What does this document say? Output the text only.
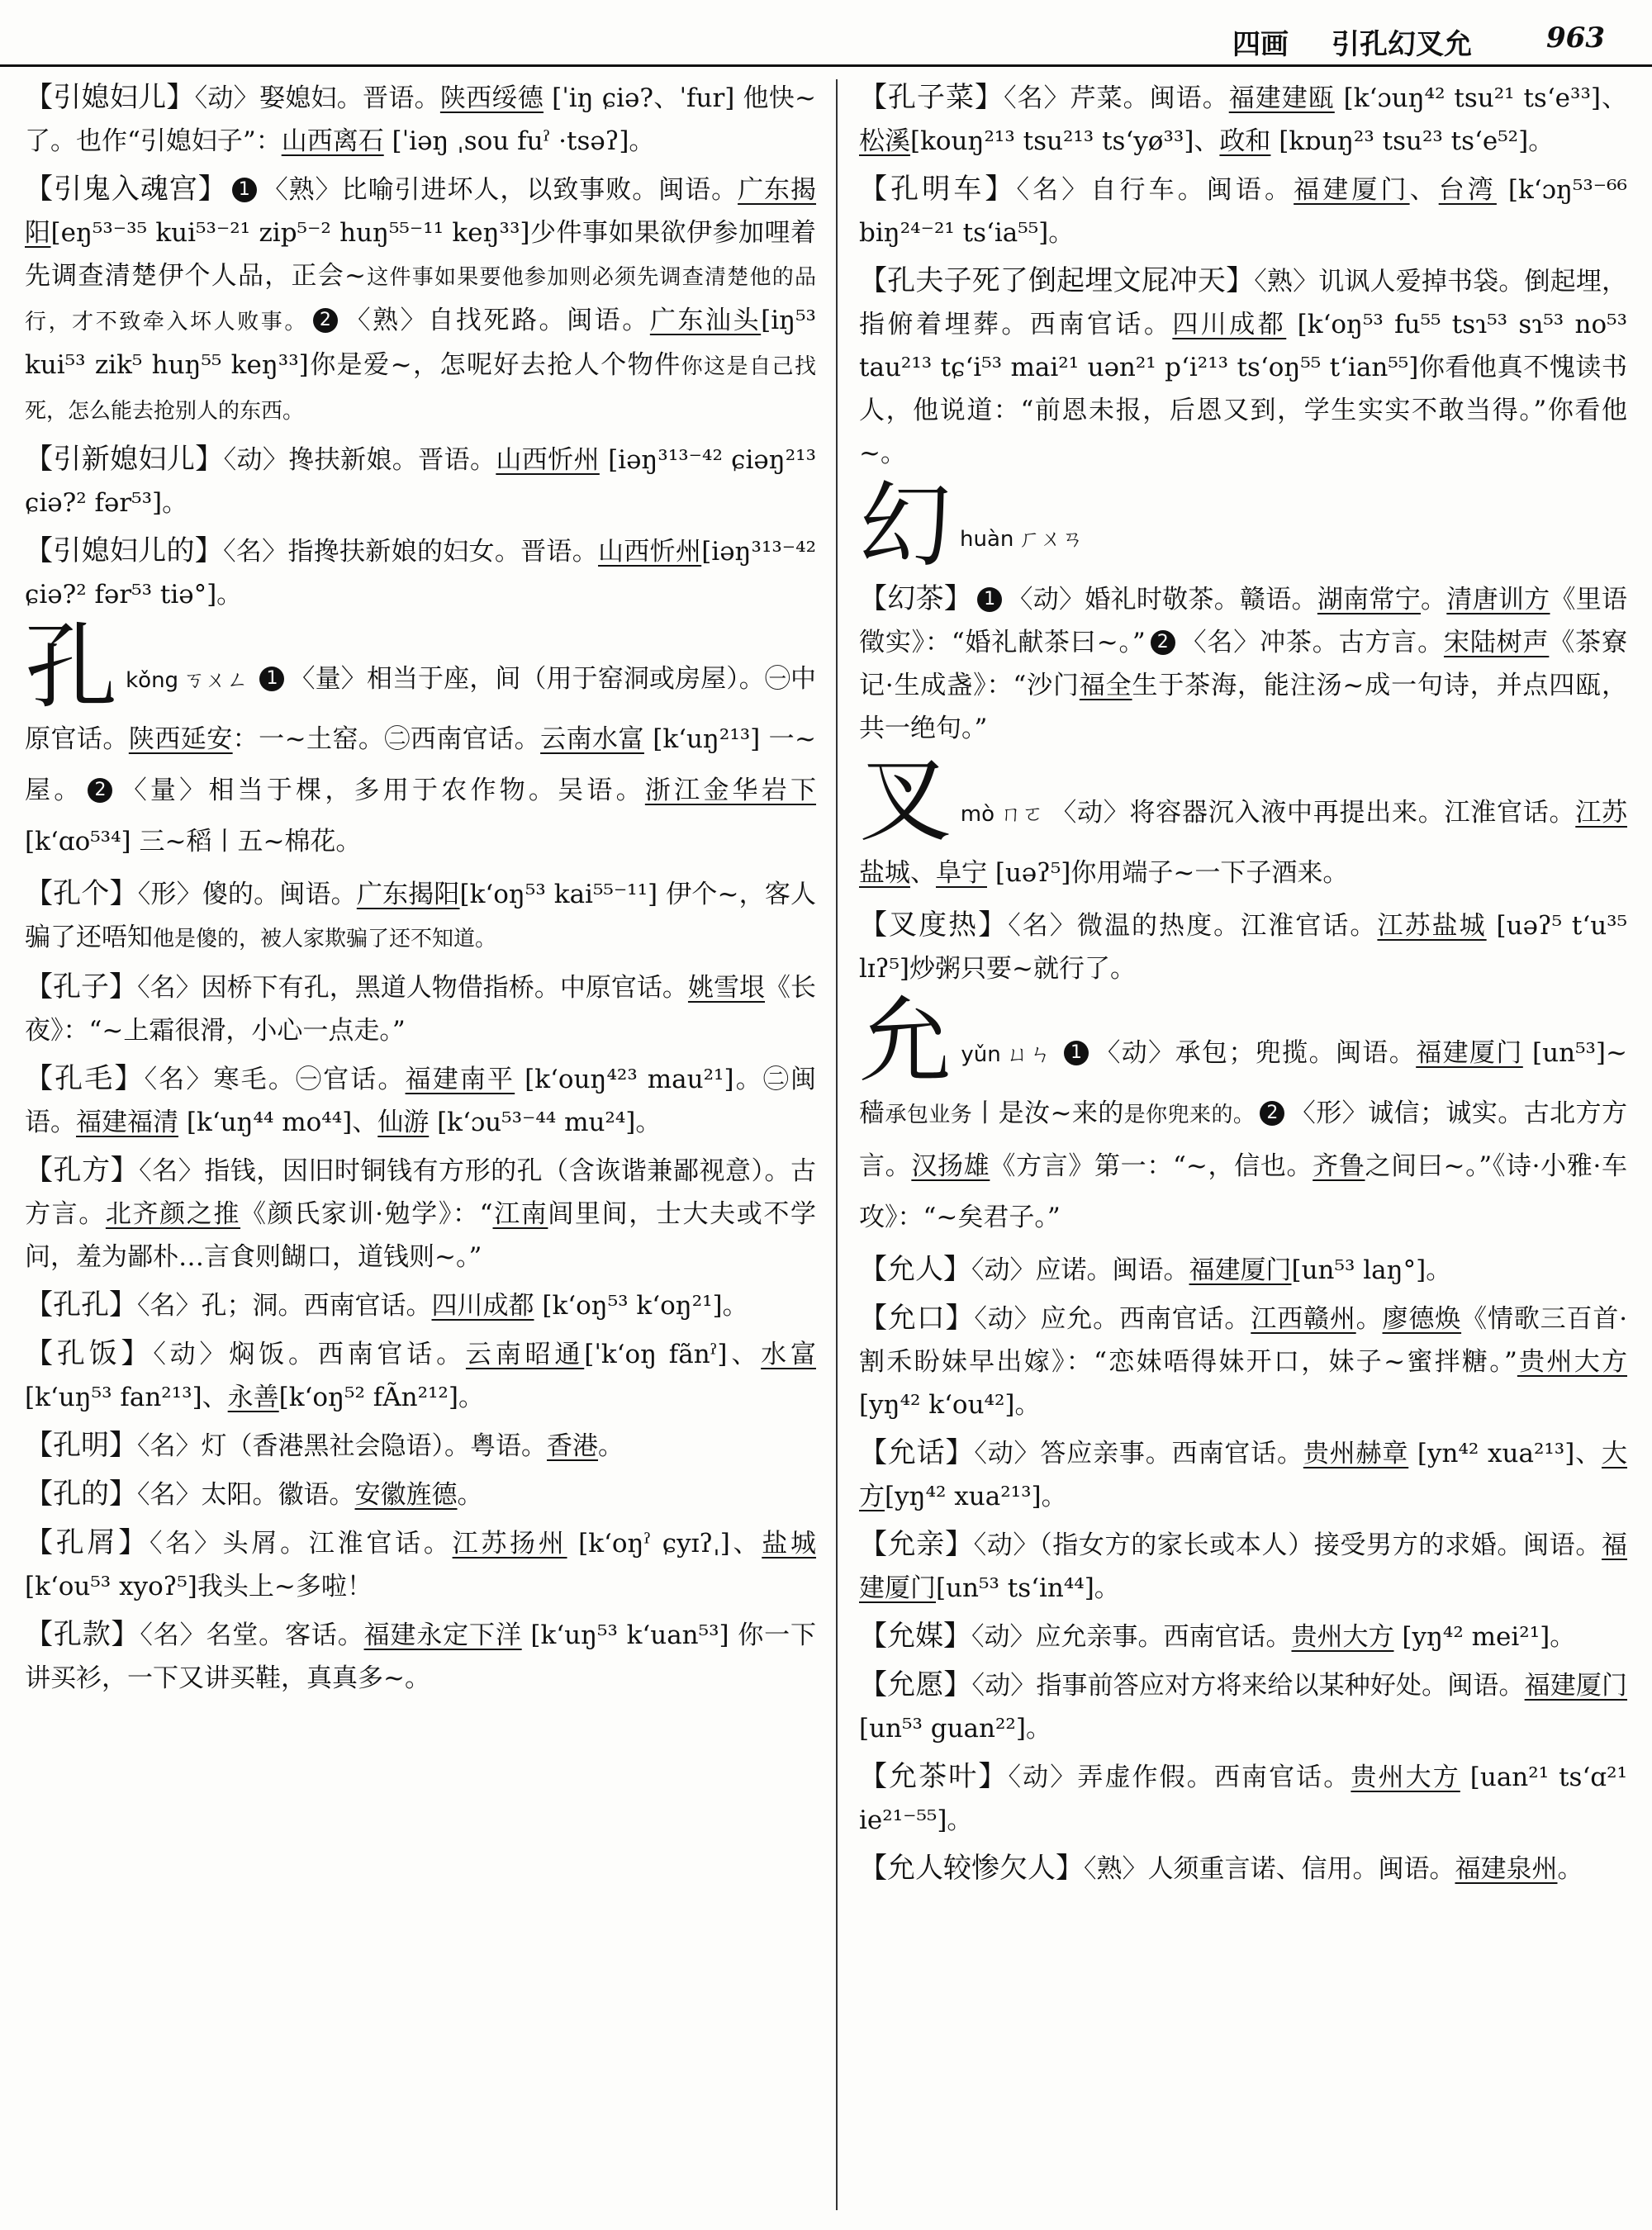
四画 引孔幻叉允	963
【引媳妇儿】〈动〉娶媳妇。晋语。陕西绥德 [ˈiŋ ɕiə?、ˈfur] 他快~了。也作“引媳妇子”：山西离石 [ˈiəŋ ˌsou fuˀ ·tsəʔ]。
【引鬼入魂宫】 1 〈熟〉比喻引进坏人，以致事败。闽语。广东揭阳[eŋ⁵³⁻³⁵ kui⁵³⁻²¹ zip⁵⁻² huŋ⁵⁵⁻¹¹ keŋ³³]少件事如果欲伊参加哩着先调查清楚伊个人品，正会~这件事如果要他参加则必须先调查清楚他的品行，才不致牵入坏人败事。 2 〈熟〉自找死路。闽语。广东汕头[iŋ⁵³ kui⁵³ zik⁵ huŋ⁵⁵ keŋ³³]你是爱~，怎呢好去抢人个物件你这是自己找死，怎么能去抢别人的东西。
【引新媳妇儿】〈动〉搀扶新娘。晋语。山西忻州 [iəŋ³¹³⁻⁴² ɕiəŋ²¹³ ɕiə?² fər⁵³]。
【引媳妇儿的】〈名〉指搀扶新娘的妇女。晋语。山西忻州[iəŋ³¹³⁻⁴² ɕiə?² fər⁵³ tiə°]。
孔kǒng ㄎㄨㄥ 1 〈量〉相当于座，间（用于窑洞或房屋）。㊀中原官话。陕西延安：一~土窑。㊁西南官话。云南水富 [kʻuŋ²¹³] 一~屋。 2 〈量〉相当于棵，多用于农作物。吴语。浙江金华岩下 [kʻɑo⁵³⁴] 三~稻丨五~棉花。
【孔个】〈形〉傻的。闽语。广东揭阳[kʻoŋ⁵³ kai⁵⁵⁻¹¹] 伊个~，客人骗了还唔知他是傻的，被人家欺骗了还不知道。
【孔子】〈名〉因桥下有孔，黑道人物借指桥。中原官话。姚雪垠《长夜》：“~上霜很滑，小心一点走。”
【孔毛】〈名〉寒毛。㊀官话。福建南平 [kʻouŋ⁴²³ mau²¹]。㊁闽语。福建福清 [kʻuŋ⁴⁴ mo⁴⁴]、仙游 [kʻɔu⁵³⁻⁴⁴ mu²⁴]。
【孔方】〈名〉指钱，因旧时铜钱有方形的孔（含诙谐兼鄙视意）。古方言。北齐颜之推《颜氏家训·勉学》：“江南闾里间，士大夫或不学问，羞为鄙朴…言食则餬口，道钱则~。”
【孔孔】〈名〉孔；洞。西南官话。四川成都 [kʻoŋ⁵³ kʻoŋ²¹]。
【孔饭】〈动〉焖饭。西南官话。云南昭通[ˈkʻoŋ fãnˀ]、水富 [kʻuŋ⁵³ fan²¹³]、永善[kʻoŋ⁵² fÃn²¹²]。
【孔明】〈名〉灯（香港黑社会隐语）。粤语。香港。
【孔的】〈名〉太阳。徽语。安徽旌德。
【孔屑】〈名〉头屑。江淮官话。江苏扬州 [kʻoŋˀ ɕyɪʔˌ]、盐城[kʻou⁵³ xyoʔ⁵]我头上~多啦！
【孔款】〈名〉名堂。客话。福建永定下洋 [kʻuŋ⁵³ kʻuan⁵³] 你一下讲买衫，一下又讲买鞋，真真多~。
【孔子菜】〈名〉芹菜。闽语。福建建瓯 [kʻɔuŋ⁴² tsu²¹ tsʻe³³]、松溪[kouŋ²¹³ tsu²¹³ tsʻyø³³]、政和 [kɒuŋ²³ tsu²³ tsʻe⁵²]。
【孔明车】〈名〉自行车。闽语。福建厦门、台湾 [kʻɔŋ⁵³⁻⁶⁶ biŋ²⁴⁻²¹ tsʻia⁵⁵]。
【孔夫子死了倒起埋文屁冲天】〈熟〉讥讽人爱掉书袋。倒起埋，指俯着埋葬。西南官话。四川成都 [kʻoŋ⁵³ fu⁵⁵ tsɿ⁵³ sɿ⁵³ no⁵³ tau²¹³ tɕʻi⁵³ mai²¹ uən²¹ pʻi²¹³ tsʻoŋ⁵⁵ tʻian⁵⁵]你看他真不愧读书人，他说道：“前恩未报，后恩又到，学生实实不敢当得。”你看他~。
幻huàn ㄏㄨㄢ
【幻茶】 1 〈动〉婚礼时敬茶。赣语。湖南常宁。清唐训方《里语徵实》：“婚礼献茶曰~。” 2 〈名〉冲茶。古方言。宋陆树声《茶寮记·生成盏》：“沙门福全生于茶海，能注汤~成一句诗，并点四瓯，共一绝句。”
叉mò ㄇㄛ 〈动〉将容器沉入液中再提出来。江淮官话。江苏盐城、阜宁 [uəʔ⁵]你用端子~一下子酒来。
【叉度热】〈名〉微温的热度。江淮官话。江苏盐城 [uəʔ⁵ tʻu³⁵ lɪʔ⁵]炒粥只要~就行了。
允yǔn ㄩㄣ 1 〈动〉承包；兜揽。闽语。福建厦门 [un⁵³]~穑承包业务丨是汝~来的是你兜来的。 2 〈形〉诚信；诚实。古北方方言。汉扬雄《方言》第一：“~，信也。齐鲁之间曰~。”《诗·小雅·车攻》：“~矣君子。”
【允人】〈动〉应诺。闽语。福建厦门[un⁵³ laŋ°]。
【允口】〈动〉应允。西南官话。江西赣州。廖德焕《情歌三百首·割禾盼妹早出嫁》：“恋妹唔得妹开口，妹子~蜜拌糖。”贵州大方[yŋ⁴² kʻou⁴²]。
【允话】〈动〉答应亲事。西南官话。贵州赫章 [yn⁴² xua²¹³]、大方[yŋ⁴² xua²¹³]。
【允亲】〈动〉（指女方的家长或本人）接受男方的求婚。闽语。福建厦门[un⁵³ tsʻin⁴⁴]。
【允媒】〈动〉应允亲事。西南官话。贵州大方 [yŋ⁴² mei²¹]。
【允愿】〈动〉指事前答应对方将来给以某种好处。闽语。福建厦门[un⁵³ guan²²]。
【允茶叶】〈动〉弄虚作假。西南官话。贵州大方 [uan²¹ tsʻɑ²¹ ie²¹⁻⁵⁵]。
【允人较惨欠人】〈熟〉人须重言诺、信用。闽语。福建泉州。
